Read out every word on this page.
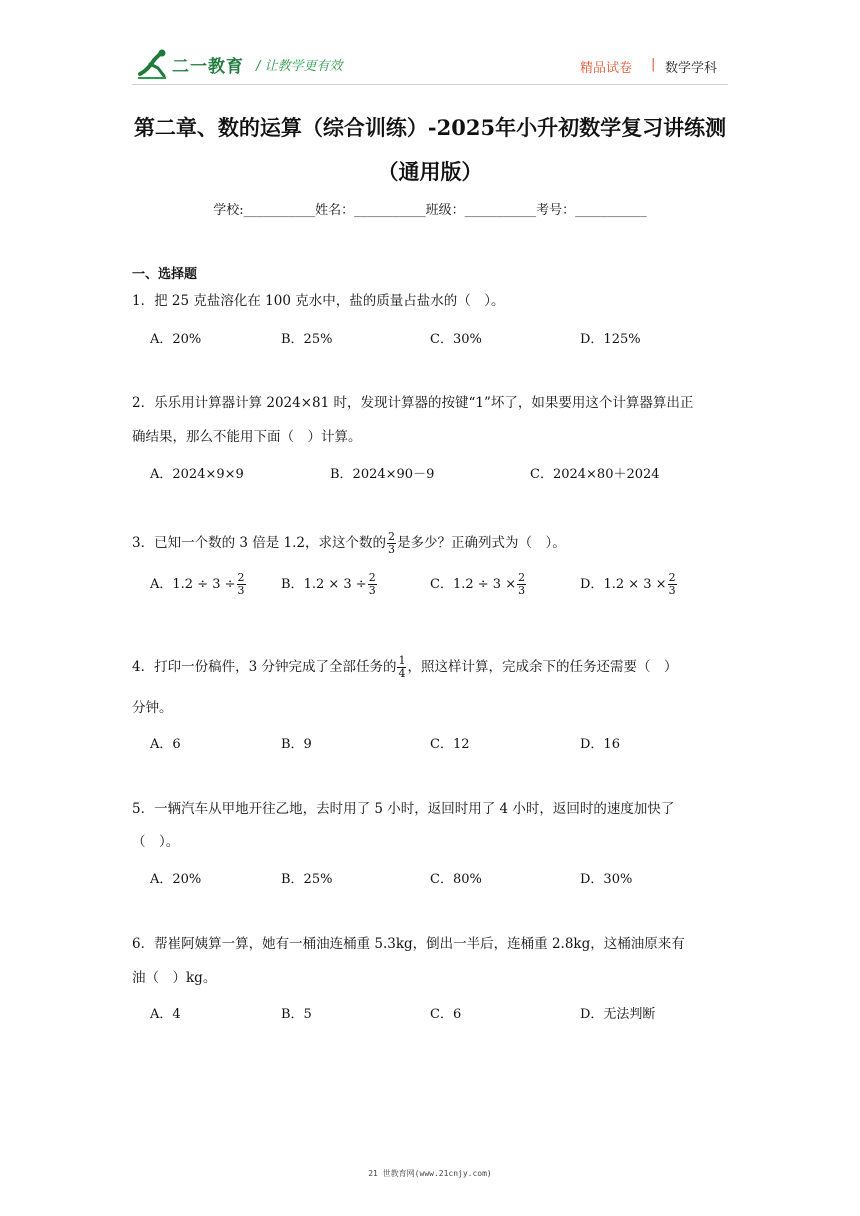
二一教育 / 让教学更有效	精品试卷 | 数学学科
第二章、数的运算（综合训练）-2025年小升初数学复习讲练测
（通用版）
学校:___________姓名：___________班级：___________考号：___________
一、选择题
1．把 25 克盐溶化在 100 克水中，盐的质量占盐水的（　）。
A．20%	B．25%	C．30%	D．125%
2．乐乐用计算器计算 2024×81 时，发现计算器的按键“1”坏了，如果要用这个计算器算出正
确结果，那么不能用下面（　）计算。
A．2024×9×9	B．2024×90－9	C．2024×80＋2024
3．已知一个数的 3 倍是 1.2，求这个数的 $\frac{2}{3}$ 是多少？正确列式为（　）。
A．$1.2 \div 3 \div \frac{2}{3}$	B．$1.2 \times 3 \div \frac{2}{3}$	C．$1.2 \div 3 \times \frac{2}{3}$	D．$1.2 \times 3 \times \frac{2}{3}$
4．打印一份稿件，3 分钟完成了全部任务的 $\frac{1}{4}$ ，照这样计算，完成余下的任务还需要（　）
分钟。
A．6	B．9	C．12	D．16
5．一辆汽车从甲地开往乙地，去时用了 5 小时，返回时用了 4 小时，返回时的速度加快了
（　）。
A．20%	B．25%	C．80%	D．30%
6．帮崔阿姨算一算，她有一桶油连桶重 5.3kg，倒出一半后，连桶重 2.8kg，这桶油原来有
油（　）kg。
A．4	B．5	C．6	D．无法判断
21 世教育网(www.21cnjy.com)
